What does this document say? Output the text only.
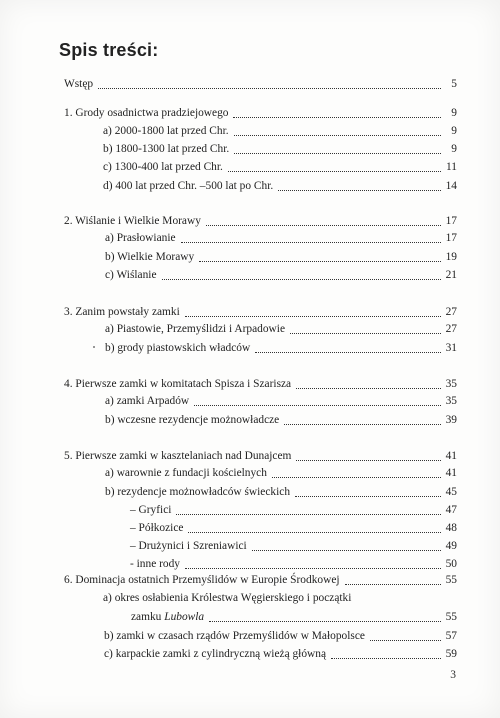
Spis treści:
Wstęp	5
1. Grody osadnictwa pradziejowego	9
a) 2000-1800 lat przed Chr.	9
b) 1800-1300 lat przed Chr.	9
c) 1300-400 lat przed Chr.	11
d) 400 lat przed Chr. –500 lat po Chr.	14
2. Wiślanie i Wielkie Morawy	17
a) Prasłowianie	17
b) Wielkie Morawy	19
c) Wiślanie	21
3. Zanim powstały zamki	27
a) Piastowie, Przemyślidzi i Arpadowie	27
b) grody piastowskich władców	31
4. Pierwsze zamki w komitatach Spisza i Szarisza	35
a) zamki Arpadów	35
b) wczesne rezydencje możnowładcze	39
5. Pierwsze zamki w kasztelaniach nad Dunajcem	41
a) warownie z fundacji kościelnych	41
b) rezydencje możnowładców świeckich	45
– Gryfici	47
– Półkozice	48
– Drużynici i Szreniawici	49
- inne rody	50
6. Dominacja ostatnich Przemyślidów w Europie Środkowej	55
a) okres osłabienia Królestwa Węgierskiego i początki
zamku Lubowla	55
b) zamki w czasach rządów Przemyślidów w Małopolsce	57
c) karpackie zamki z cylindryczną wieżą główną	59
3
